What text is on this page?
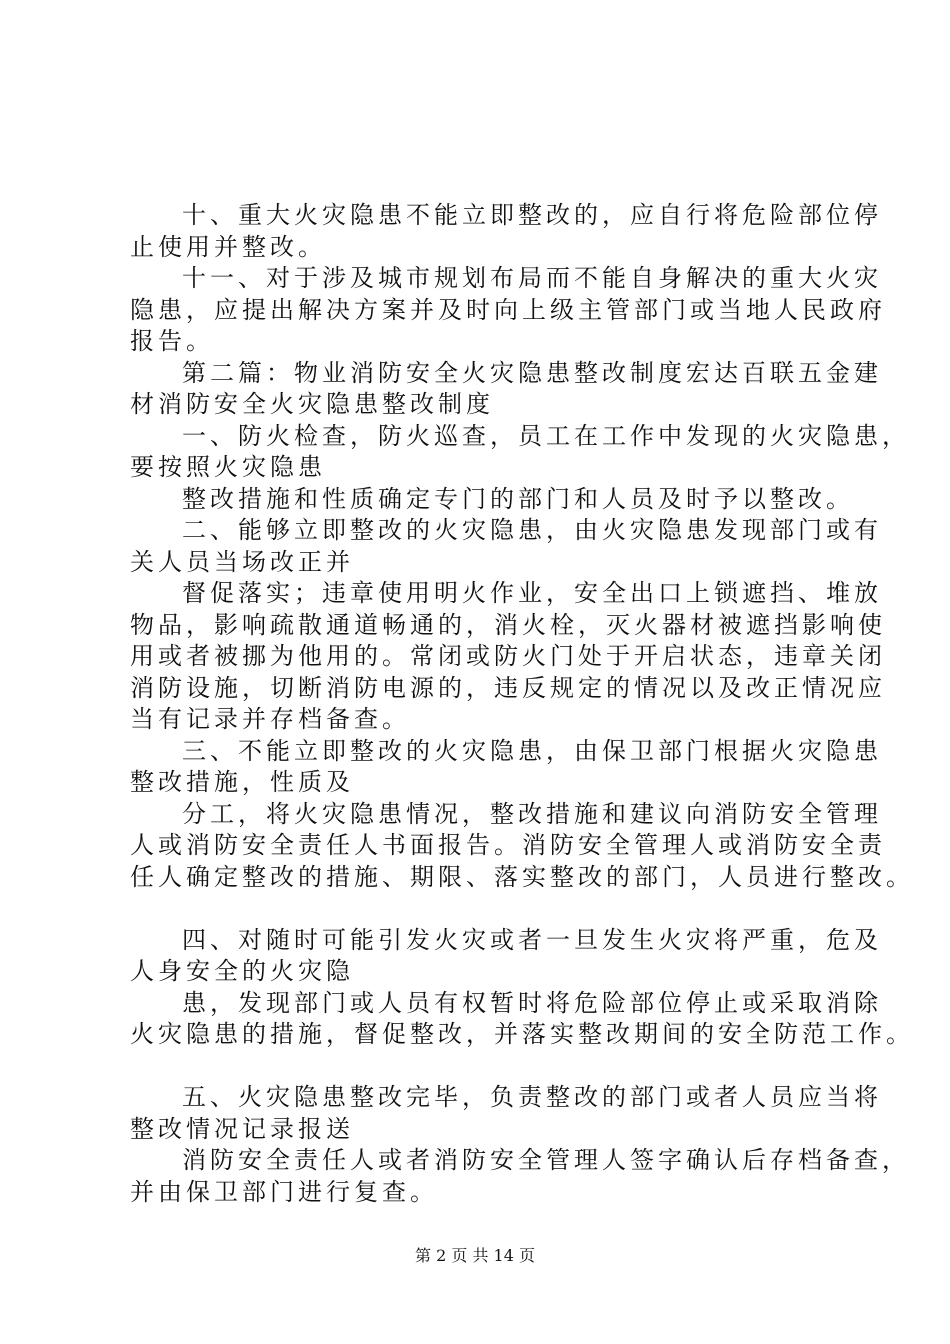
十、重大火灾隐患不能立即整改的，应自行将危险部位停
止使用并整改。
十一、对于涉及城市规划布局而不能自身解决的重大火灾
隐患，应提出解决方案并及时向上级主管部门或当地人民政府
报告。
第二篇：物业消防安全火灾隐患整改制度宏达百联五金建
材消防安全火灾隐患整改制度
一、防火检查，防火巡查，员工在工作中发现的火灾隐患，
要按照火灾隐患
整改措施和性质确定专门的部门和人员及时予以整改。
二、能够立即整改的火灾隐患，由火灾隐患发现部门或有
关人员当场改正并
督促落实；违章使用明火作业，安全出口上锁遮挡、堆放
物品，影响疏散通道畅通的，消火栓，灭火器材被遮挡影响使
用或者被挪为他用的。常闭或防火门处于开启状态，违章关闭
消防设施，切断消防电源的，违反规定的情况以及改正情况应
当有记录并存档备查。
三、不能立即整改的火灾隐患，由保卫部门根据火灾隐患
整改措施，性质及
分工，将火灾隐患情况，整改措施和建议向消防安全管理
人或消防安全责任人书面报告。消防安全管理人或消防安全责
任人确定整改的措施、期限、落实整改的部门，人员进行整改。
四、对随时可能引发火灾或者一旦发生火灾将严重，危及
人身安全的火灾隐
患，发现部门或人员有权暂时将危险部位停止或采取消除
火灾隐患的措施，督促整改，并落实整改期间的安全防范工作。
五、火灾隐患整改完毕，负责整改的部门或者人员应当将
整改情况记录报送
消防安全责任人或者消防安全管理人签字确认后存档备查，
并由保卫部门进行复查。
第 2 页 共 14 页
